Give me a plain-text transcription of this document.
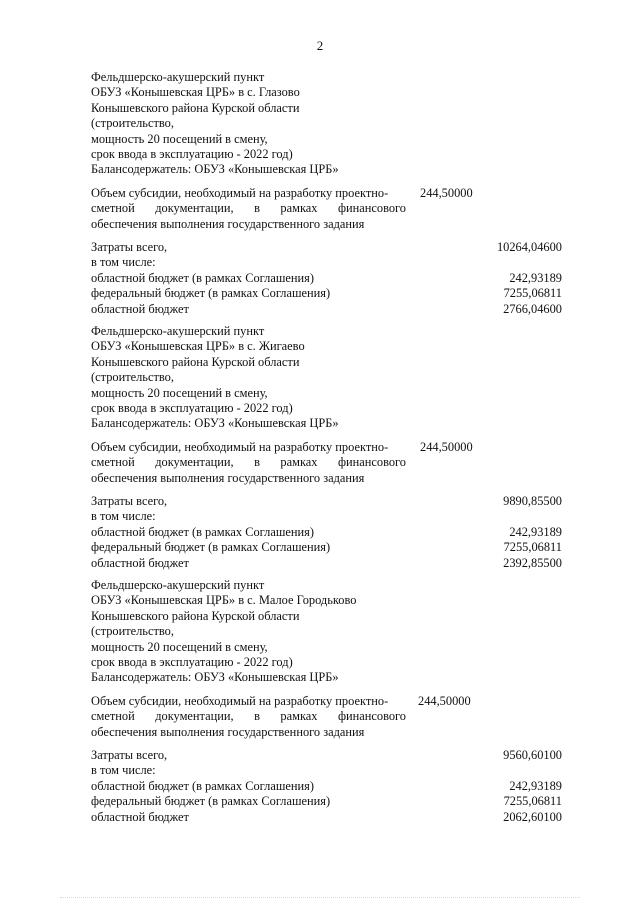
2
Фельдшерско-акушерский пункт
ОБУЗ «Конышевская ЦРБ» в с. Глазово
Конышевского района Курской области
(строительство,
мощность 20 посещений в смену,
срок ввода в эксплуатацию - 2022 год)
Балансодержатель: ОБУЗ «Конышевская ЦРБ»
Объем субсидии, необходимый на разработку проектно-
сметной документации, в рамках финансового
обеспечения выполнения государственного задания
244,50000
Затраты всего,	10264,04600
в том числе:
областной бюджет (в рамках Соглашения)	242,93189
федеральный бюджет (в рамках Соглашения)	7255,06811
областной бюджет	2766,04600
Фельдшерско-акушерский пункт
ОБУЗ «Конышевская ЦРБ» в с. Жигаево
Конышевского района Курской области
(строительство,
мощность 20 посещений в смену,
срок ввода в эксплуатацию - 2022 год)
Балансодержатель: ОБУЗ «Конышевская ЦРБ»
Объем субсидии, необходимый на разработку проектно-
сметной документации, в рамках финансового
обеспечения выполнения государственного задания
244,50000
Затраты всего,	9890,85500
в том числе:
областной бюджет (в рамках Соглашения)	242,93189
федеральный бюджет (в рамках Соглашения)	7255,06811
областной бюджет	2392,85500
Фельдшерско-акушерский пункт
ОБУЗ «Конышевская ЦРБ» в с. Малое Городьково
Конышевского района Курской области
(строительство,
мощность 20 посещений в смену,
срок ввода в эксплуатацию - 2022 год)
Балансодержатель: ОБУЗ «Конышевская ЦРБ»
Объем субсидии, необходимый на разработку проектно-
сметной документации, в рамках финансового
обеспечения выполнения государственного задания
244,50000
Затраты всего,	9560,60100
в том числе:
областной бюджет (в рамках Соглашения)	242,93189
федеральный бюджет (в рамках Соглашения)	7255,06811
областной бюджет	2062,60100
